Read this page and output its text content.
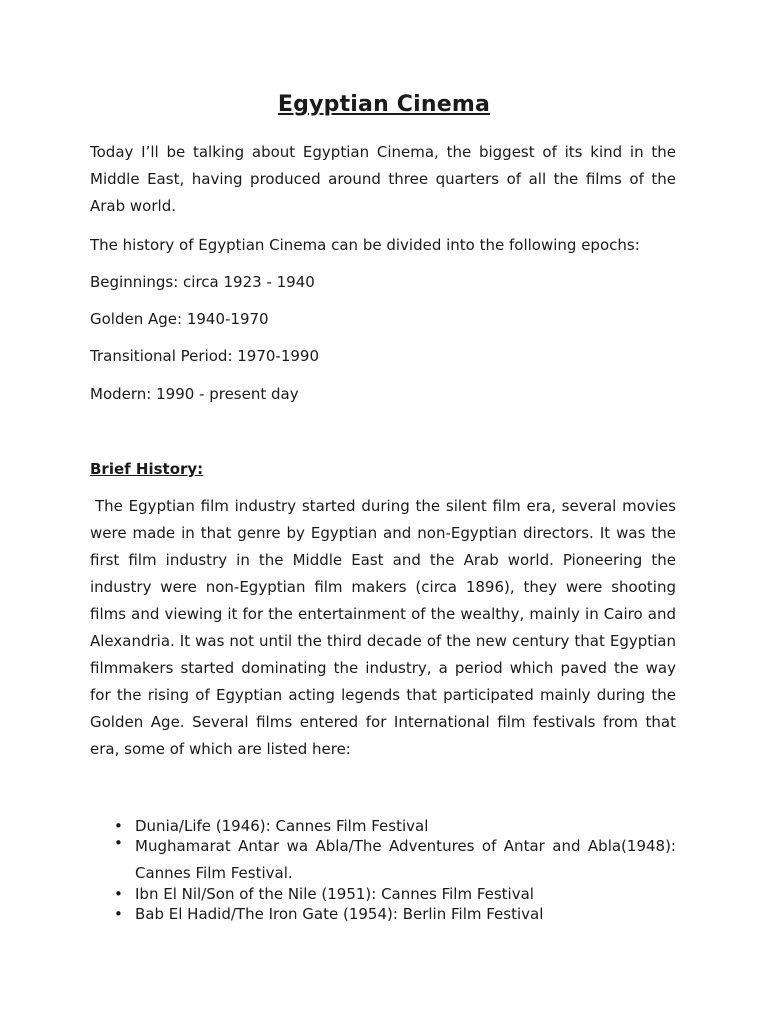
Egyptian Cinema

Today I’ll be talking about Egyptian Cinema, the biggest of its kind in the Middle East, having produced around three quarters of all the films of the Arab world.

The history of Egyptian Cinema can be divided into the following epochs:

Beginnings: circa 1923 - 1940

Golden Age: 1940-1970

Transitional Period: 1970-1990

Modern: 1990 - present day

Brief History:

The Egyptian film industry started during the silent film era, several movies were made in that genre by Egyptian and non-Egyptian directors. It was the first film industry in the Middle East and the Arab world. Pioneering the industry were non-Egyptian film makers (circa 1896), they were shooting films and viewing it for the entertainment of the wealthy, mainly in Cairo and Alexandria. It was not until the third decade of the new century that Egyptian filmmakers started dominating the industry, a period which paved the way for the rising of Egyptian acting legends that participated mainly during the Golden Age. Several films entered for International film festivals from that era, some of which are listed here:

• Dunia/Life (1946): Cannes Film Festival
• Mughamarat Antar wa Abla/The Adventures of Antar and Abla(1948): Cannes Film Festival.
• Ibn El Nil/Son of the Nile (1951): Cannes Film Festival
• Bab El Hadid/The Iron Gate (1954): Berlin Film Festival
